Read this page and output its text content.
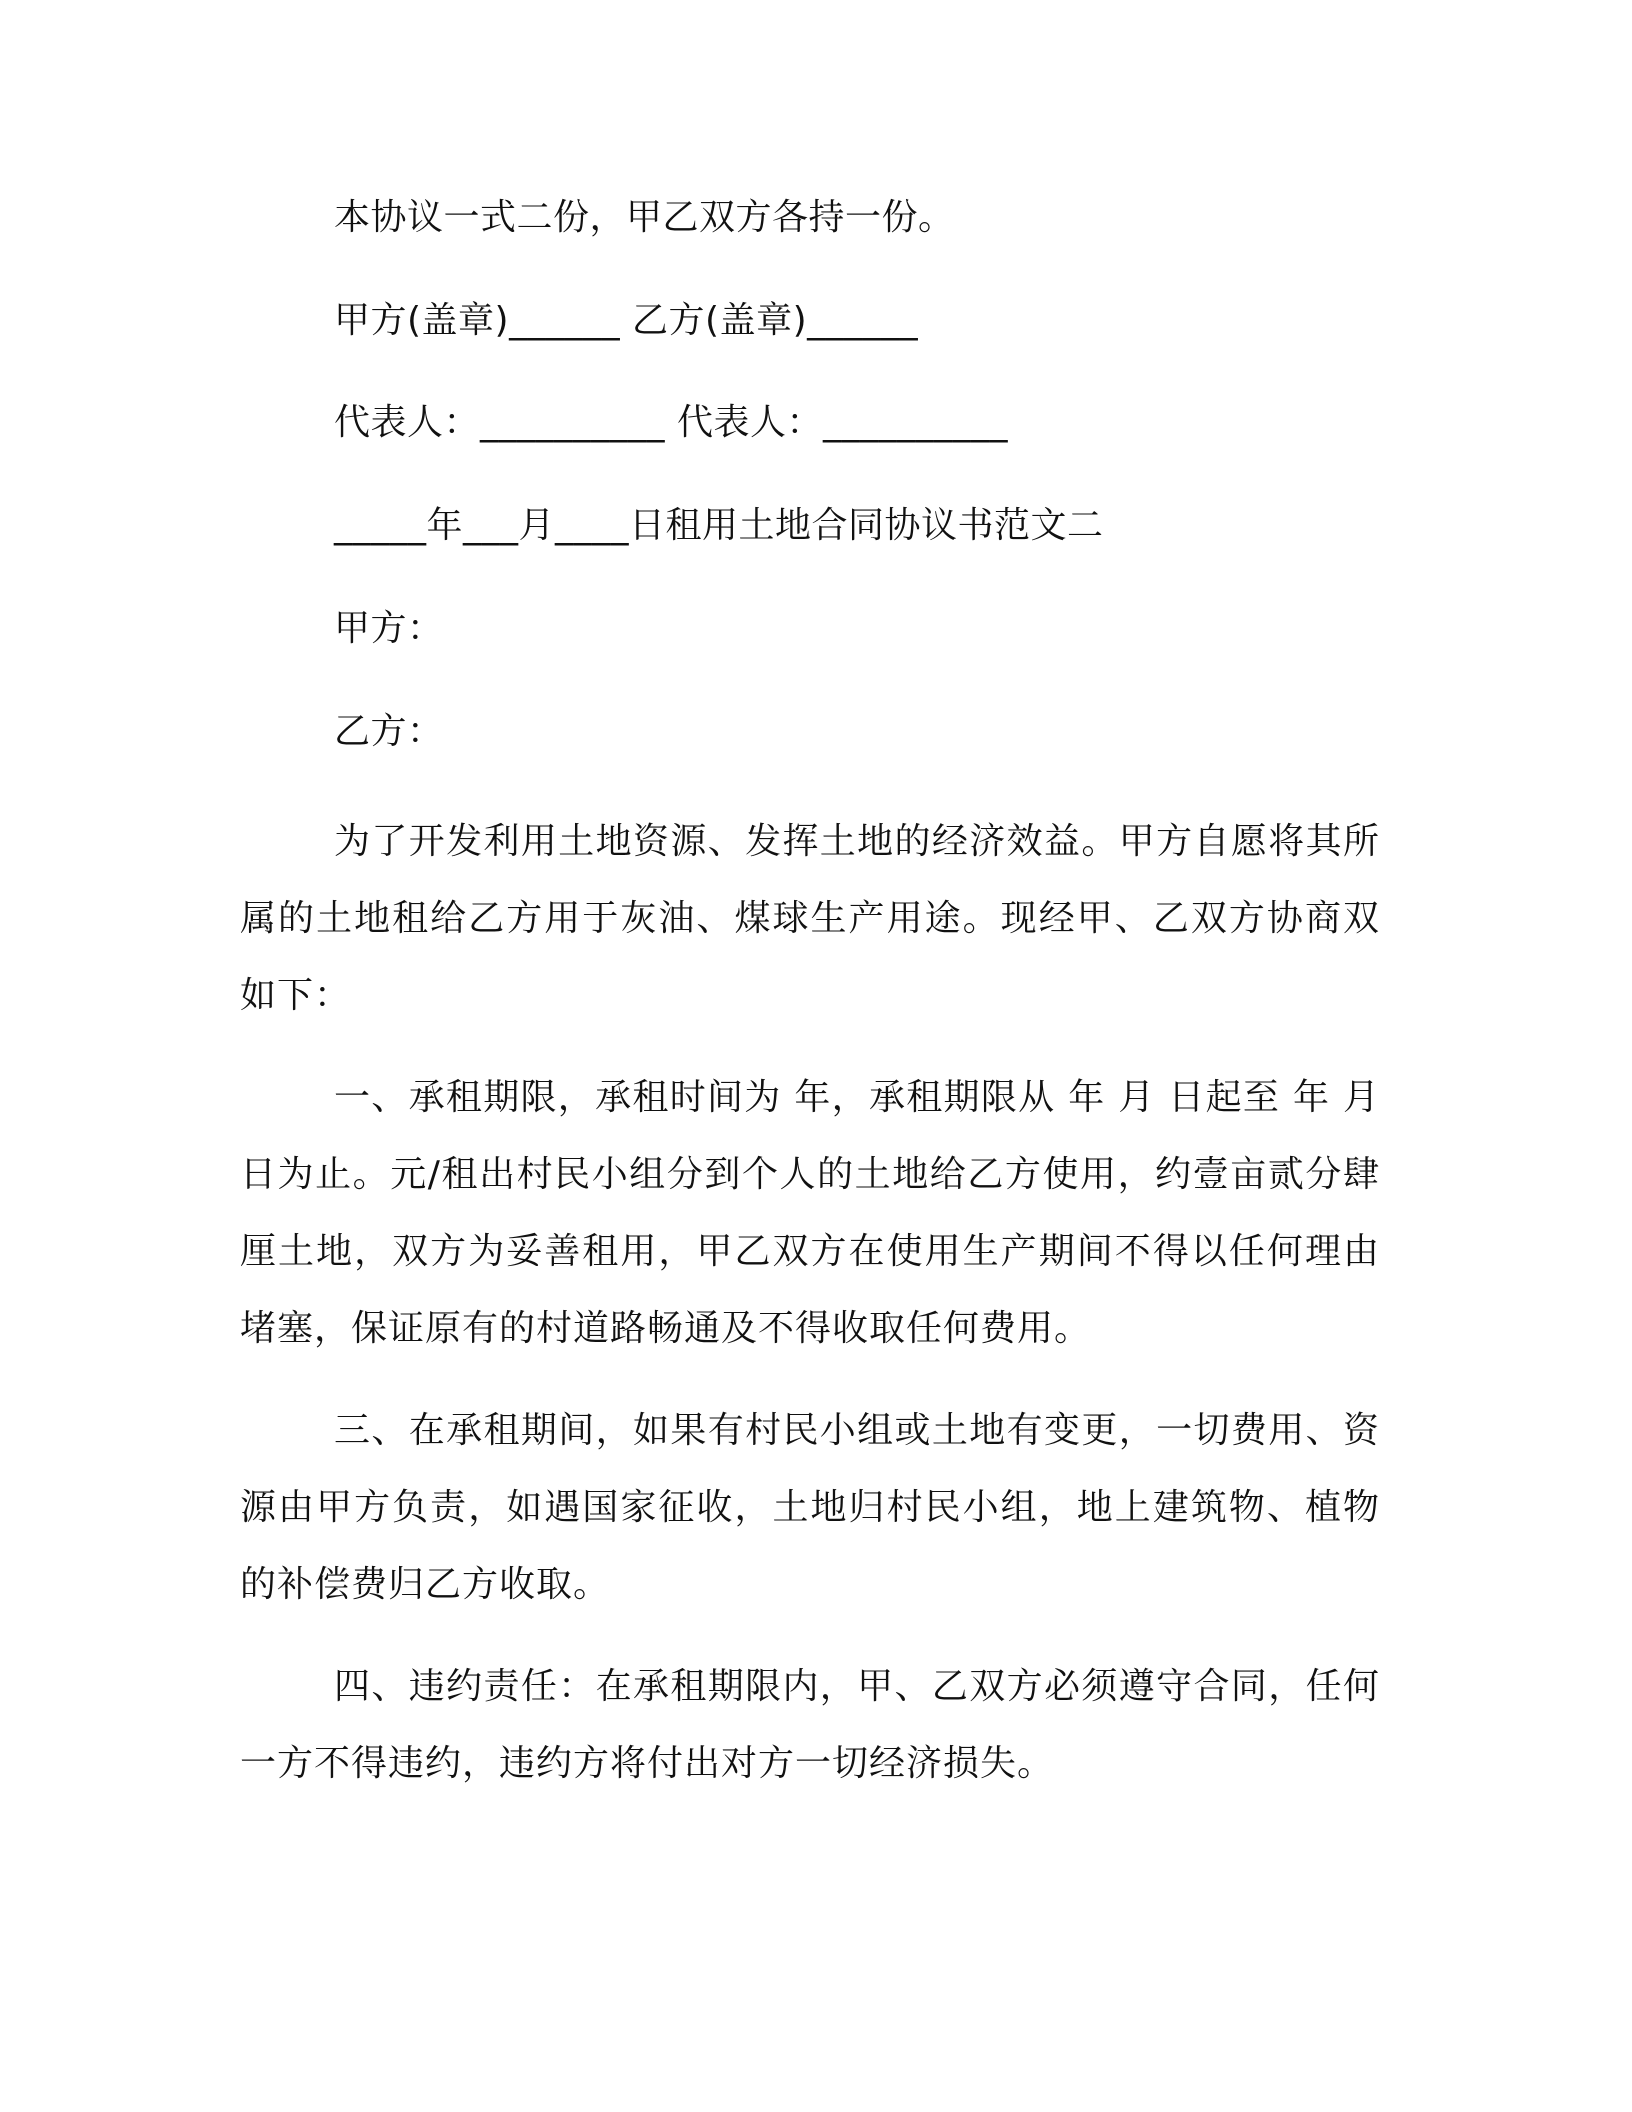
本协议一式二份，甲乙双方各持一份。
甲方(盖章)______ 乙方(盖章)______
代表人：__________ 代表人：__________
_____年___月____日租用土地合同协议书范文二
甲方：
乙方：

为了开发利用土地资源、发挥土地的经济效益。甲方自愿将其所属的土地租给乙方用于灰油、煤球生产用途。现经甲、乙双方协商双如下：

一、承租期限，承租时间为 年，承租期限从 年 月 日起至 年 月 日为止。元/租出村民小组分到个人的土地给乙方使用，约壹亩贰分肆厘土地，双方为妥善租用，甲乙双方在使用生产期间不得以任何理由堵塞，保证原有的村道路畅通及不得收取任何费用。

三、在承租期间，如果有村民小组或土地有变更，一切费用、资源由甲方负责，如遇国家征收，土地归村民小组，地上建筑物、植物的补偿费归乙方收取。

四、违约责任：在承租期限内，甲、乙双方必须遵守合同，任何一方不得违约，违约方将付出对方一切经济损失。
